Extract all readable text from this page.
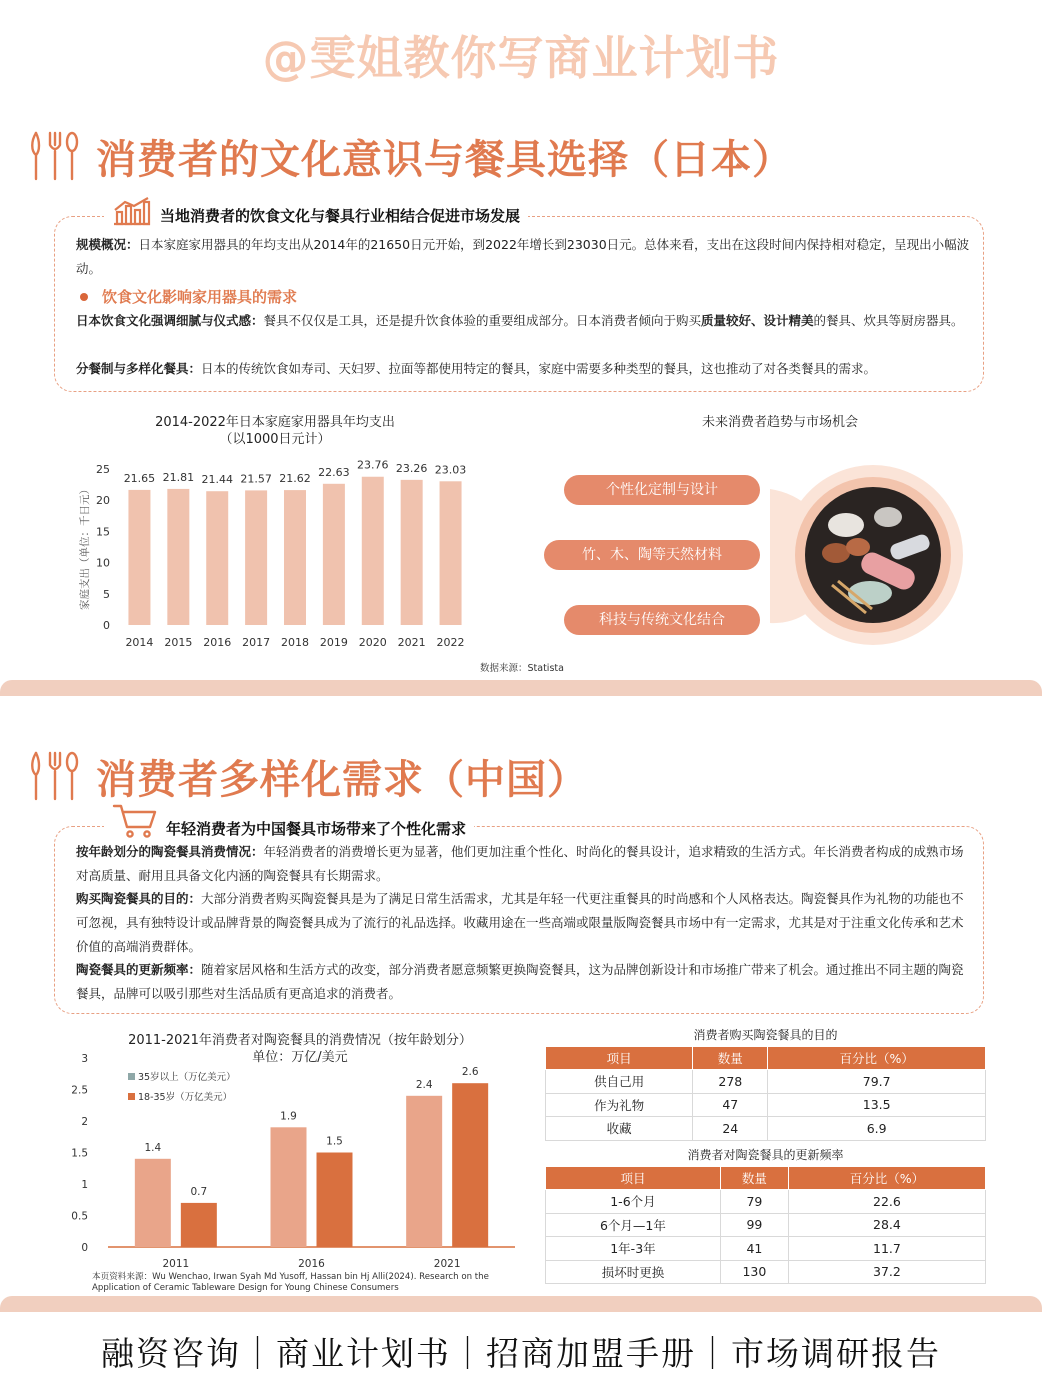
@雯姐教你写商业计划书
消费者的文化意识与餐具选择（日本）
当地消费者的饮食文化与餐具行业相结合促进市场发展
规模概况：日本家庭家用器具的年均支出从2014年的21650日元开始，到2022年增长到23030日元。总体来看，支出在这段时间内保持相对稳定，呈现出小幅波动。
饮食文化影响家用器具的需求
日本饮食文化强调细腻与仪式感：餐具不仅仅是工具，还是提升饮食体验的重要组成部分。日本消费者倾向于购买质量较好、设计精美的餐具、炊具等厨房器具。
分餐制与多样化餐具：日本的传统饮食如寿司、天妇罗、拉面等都使用特定的餐具，家庭中需要多种类型的餐具，这也推动了对各类餐具的需求。
2014-2022年日本家庭家用器具年均支出
（以1000日元计）
0
5
10
15
20
25
家庭支出（单位：千日元）
21.65
2014
21.81
2015
21.44
2016
21.57
2017
21.62
2018
22.63
2019
23.76
2020
23.26
2021
23.03
2022
数据来源：Statista
未来消费者趋势与市场机会
个性化定制与设计
竹、木、陶等天然材料
科技与传统文化结合
消费者多样化需求（中国）
年轻消费者为中国餐具市场带来了个性化需求
按年龄划分的陶瓷餐具消费情况：年轻消费者的消费增长更为显著，他们更加注重个性化、时尚化的餐具设计，追求精致的生活方式。年长消费者构成的成熟市场对高质量、耐用且具备文化内涵的陶瓷餐具有长期需求。
购买陶瓷餐具的目的：大部分消费者购买陶瓷餐具是为了满足日常生活需求，尤其是年轻一代更注重餐具的时尚感和个人风格表达。陶瓷餐具作为礼物的功能也不可忽视，具有独特设计或品牌背景的陶瓷餐具成为了流行的礼品选择。收藏用途在一些高端或限量版陶瓷餐具市场中有一定需求，尤其是对于注重文化传承和艺术价值的高端消费群体。
陶瓷餐具的更新频率：随着家居风格和生活方式的改变，部分消费者愿意频繁更换陶瓷餐具，这为品牌创新设计和市场推广带来了机会。通过推出不同主题的陶瓷餐具，品牌可以吸引那些对生活品质有更高追求的消费者。
2011-2021年消费者对陶瓷餐具的消费情况（按年龄划分）
单位：万亿/美元
0
0.5
1
1.5
2
2.5
3
1.4
0.7
2011
1.9
1.5
2016
2.4
2.6
2021
35岁以上（万亿美元）
18-35岁（万亿美元）
本页资料来源：Wu Wenchao, Irwan Syah Md Yusoff, Hassan bin Hj Alli(2024). Research on the
Application of Ceramic Tableware Design for Young Chinese Consumers
消费者购买陶瓷餐具的目的
项目	数量	百分比（%）
供自己用	278	79.7
作为礼物	47	13.5
收藏	24	6.9
消费者对陶瓷餐具的更新频率
项目	数量	百分比（%）
1-6个月	79	22.6
6个月—1年	99	28.4
1年-3年	41	11.7
损坏时更换	130	37.2
融资咨询｜商业计划书｜招商加盟手册｜市场调研报告
